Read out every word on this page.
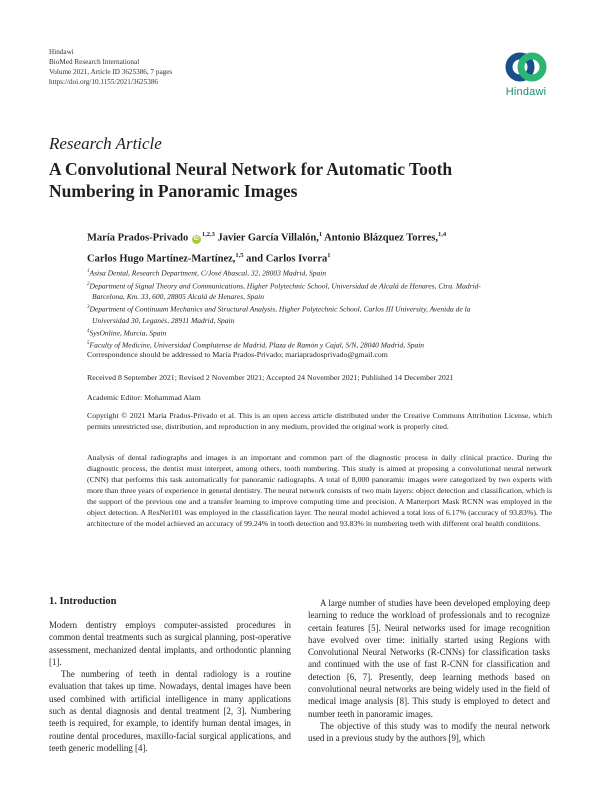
Hindawi
BioMed Research International
Volume 2021, Article ID 3625386, 7 pages
https://doi.org/10.1155/2021/3625386
Hindawi
Research Article
A Convolutional Neural Network for Automatic Tooth Numbering in Panoramic Images
María Prados-Privado iD$^{1,2,3}$ Javier García Villalón,$^1$ Antonio Blázquez Torres,$^{1,4}$
Carlos Hugo Martínez-Martínez,$^{1,5}$ and Carlos Ivorra$^1$

$^1$Asisa Dental, Research Department, C/José Abascal, 32, 28003 Madrid, Spain

$^2$Department of Signal Theory and Communications, Higher Polytechnic School, Universidad de Alcalá de Henares, Ctra. Madrid-

Barcelona, Km. 33, 600, 28805 Alcalá de Henares, Spain

$^3$Department of Continuum Mechanics and Structural Analysis, Higher Polytechnic School, Carlos III University, Avenida de la

Universidad 30, Leganés, 28911 Madrid, Spain

$^4$SysOnline, Murcia, Spain

$^5$Faculty of Medicine, Universidad Complutense de Madrid, Plaza de Ramón y Cajal, S/N, 28040 Madrid, Spain

Correspondence should be addressed to María Prados-Privado; mariapradosprivado@gmail.com
Received 8 September 2021; Revised 2 November 2021; Accepted 24 November 2021; Published 14 December 2021
Academic Editor: Mohammad Alam
Copyright © 2021 María Prados-Privado et al. This is an open access article distributed under the Creative Commons Attribution License, which permits unrestricted use, distribution, and reproduction in any medium, provided the original work is properly cited.
Analysis of dental radiographs and images is an important and common part of the diagnostic process in daily clinical practice. During the diagnostic process, the dentist must interpret, among others, tooth numbering. This study is aimed at proposing a convolutional neural network (CNN) that performs this task automatically for panoramic radiographs. A total of 8,000 panoramic images were categorized by two experts with more than three years of experience in general dentistry. The neural network consists of two main layers: object detection and classification, which is the support of the previous one and a transfer learning to improve computing time and precision. A Matterport Mask RCNN was employed in the object detection. A ResNet101 was employed in the classification layer. The neural model achieved a total loss of 6.17% (accuracy of 93.83%). The architecture of the model achieved an accuracy of 99.24% in tooth detection and 93.83% in numbering teeth with different oral health conditions.
1. Introduction

Modern dentistry employs computer-assisted procedures in common dental treatments such as surgical planning, post-operative assessment, mechanized dental implants, and orthodontic planning [1].

The numbering of teeth in dental radiology is a routine evaluation that takes up time. Nowadays, dental images have been used combined with artificial intelligence in many applications such as dental diagnosis and dental treatment [2, 3]. Numbering teeth is required, for example, to identify human dental images, in routine dental procedures, maxillo-facial surgical applications, and teeth generic modelling [4].

A large number of studies have been developed employing deep learning to reduce the workload of professionals and to recognize certain features [5]. Neural networks used for image recognition have evolved over time: initially started using Regions with Convolutional Neural Networks (R-CNNs) for classification tasks and continued with the use of fast R-CNN for classification and detection [6, 7]. Presently, deep learning methods based on convolutional neural networks are being widely used in the field of medical image analysis [8]. This study is employed to detect and number teeth in panoramic images.

The objective of this study was to modify the neural network used in a previous study by the authors [9], which
